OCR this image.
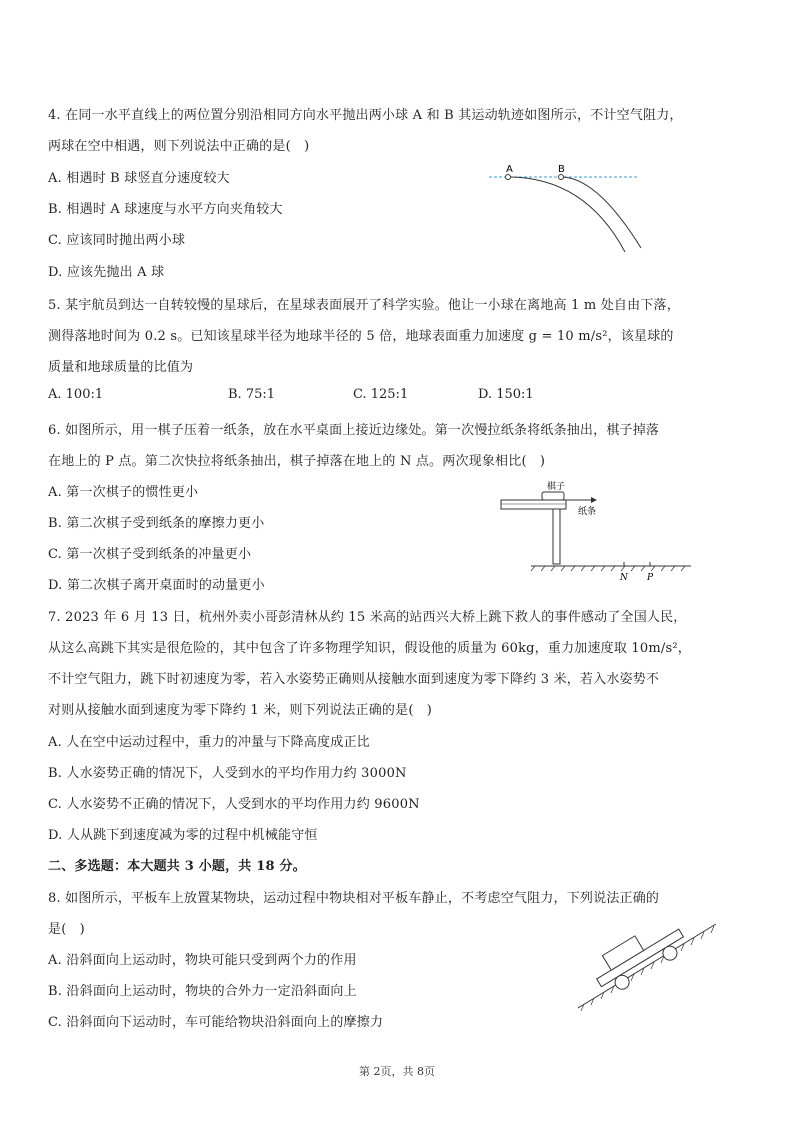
4. 在同一水平直线上的两位置分别沿相同方向水平抛出两小球 A 和 B 其运动轨迹如图所示，不计空气阻力，
两球在空中相遇，则下列说法中正确的是(　)
A. 相遇时 B 球竖直分速度较大
B. 相遇时 A 球速度与水平方向夹角较大
C. 应该同时抛出两小球
D. 应该先抛出 A 球
A	B
5. 某宇航员到达一自转较慢的星球后，在星球表面展开了科学实验。他让一小球在离地高 1 m 处自由下落，
测得落地时间为 0.2 s。已知该星球半径为地球半径的 5 倍，地球表面重力加速度 g = 10 m/s²，该星球的
质量和地球质量的比值为
A. 100:1	B. 75:1	C. 125:1	D. 150:1
6. 如图所示，用一棋子压着一纸条，放在水平桌面上接近边缘处。第一次慢拉纸条将纸条抽出，棋子掉落
在地上的 P 点。第二次快拉将纸条抽出，棋子掉落在地上的 N 点。两次现象相比(　)
A. 第一次棋子的惯性更小
B. 第二次棋子受到纸条的摩擦力更小
C. 第一次棋子受到纸条的冲量更小
D. 第二次棋子离开桌面时的动量更小
棋子
纸条
N P
7. 2023 年 6 月 13 日，杭州外卖小哥彭清林从约 15 米高的站西兴大桥上跳下救人的事件感动了全国人民，
从这么高跳下其实是很危险的，其中包含了许多物理学知识，假设他的质量为 60kg，重力加速度取 10m/s²，
不计空气阻力，跳下时初速度为零，若入水姿势正确则从接触水面到速度为零下降约 3 米，若入水姿势不
对则从接触水面到速度为零下降约 1 米，则下列说法正确的是(　)
A. 人在空中运动过程中，重力的冲量与下降高度成正比
B. 人水姿势正确的情况下，人受到水的平均作用力约 3000N
C. 人水姿势不正确的情况下，人受到水的平均作用力约 9600N
D. 人从跳下到速度减为零的过程中机械能守恒
二、多选题：本大题共 3 小题，共 18 分。
8. 如图所示，平板车上放置某物块，运动过程中物块相对平板车静止，不考虑空气阻力，下列说法正确的
是(　)
A. 沿斜面向上运动时，物块可能只受到两个力的作用
B. 沿斜面向上运动时，物块的合外力一定沿斜面向上
C. 沿斜面向下运动时，车可能给物块沿斜面向上的摩擦力
第 2页，共 8页
